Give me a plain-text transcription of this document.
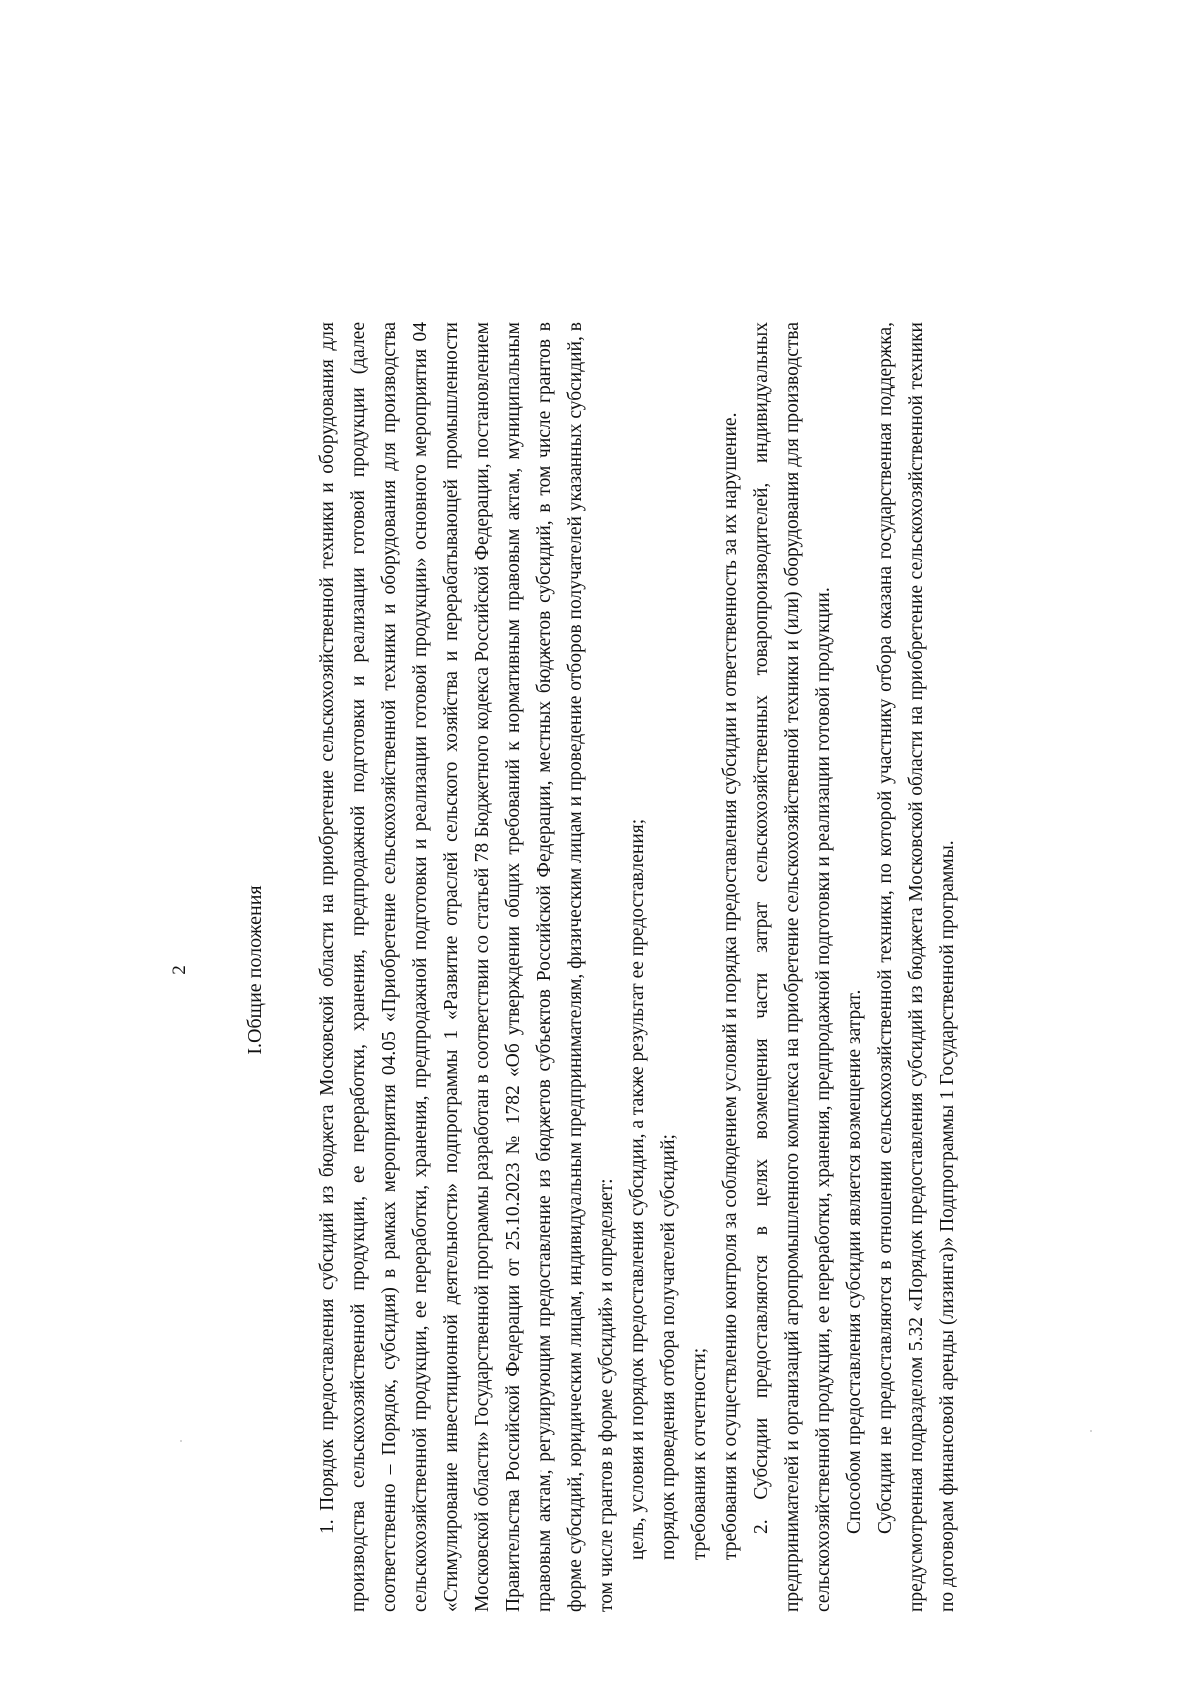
2	I.Общие положения	1. Порядок предоставления субсидий из бюджета Московской области на приобретение сельскохозяйственной техники и оборудования для производства сельскохозяйственной продукции, ее переработки, хранения, предпродажной подготовки и реализации готовой продукции (далее соответственно – Порядок, субсидия) в рамках мероприятия 04.05 «Приобретение сельскохозяйственной техники и оборудования для производства сельскохозяйственной продукции, ее переработки, хранения, предпродажной подготовки и реализации готовой продукции» основного мероприятия 04 «Стимулирование инвестиционной деятельности» подпрограммы 1 «Развитие отраслей сельского хозяйства и перерабатывающей промышленности Московской области» Государственной программы разработан в соответствии со статьей 78 Бюджетного кодекса Российской Федерации, постановлением Правительства Российской Федерации от 25.10.2023 № 1782 «Об утверждении общих требований к нормативным правовым актам, муниципальным правовым актам, регулирующим предоставление из бюджетов субъектов Российской Федерации, местных бюджетов субсидий, в том числе грантов в форме субсидий, юридическим лицам, индивидуальным предпринимателям, физическим лицам и проведение отборов получателей указанных субсидий, в том числе грантов в форме субсидий» и определяет: цель, условия и порядок предоставления субсидии, а также результат ее предоставления; порядок проведения отбора получателей субсидий; требования к отчетности; требования к осуществлению контроля за соблюдением условий и порядка предоставления субсидии и ответственность за их нарушение. 2. Субсидии предоставляются в целях возмещения части затрат сельскохозяйственных товаропроизводителей, индивидуальных предпринимателей и организаций агропромышленного комплекса на приобретение сельскохозяйственной техники и (или) оборудования для производства сельскохозяйственной продукции, ее переработки, хранения, предпродажной подготовки и реализации готовой продукции. Способом предоставления субсидии является возмещение затрат. Субсидии не предоставляются в отношении сельскохозяйственной техники, по которой участнику отбора оказана государственная поддержка, предусмотренная подразделом 5.32 «Порядок предоставления субсидий из бюджета Московской области на приобретение сельскохозяйственной техники по договорам финансовой аренды (лизинга)» Подпрограммы 1 Государственной программы.
